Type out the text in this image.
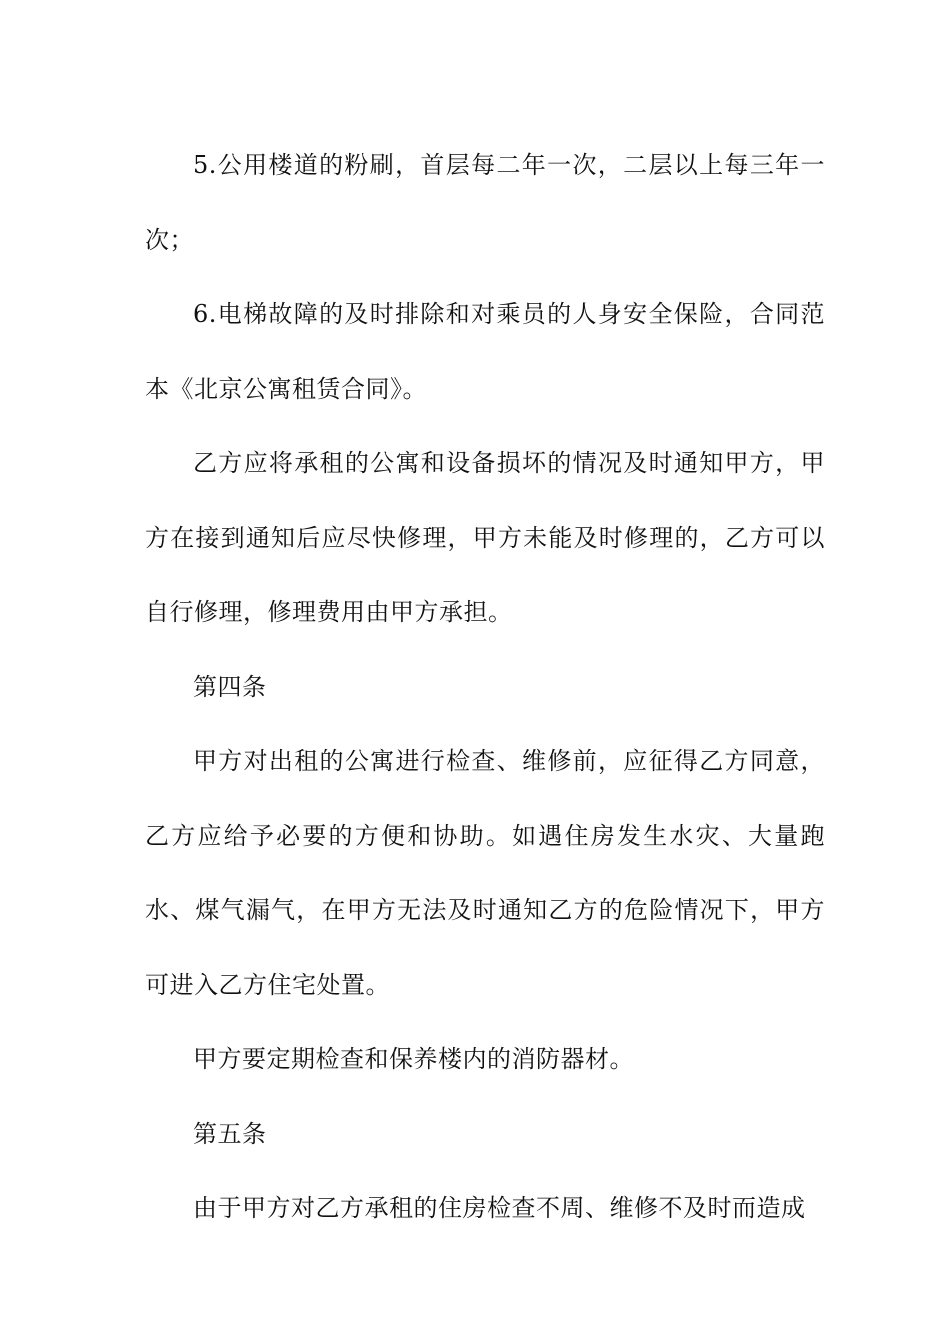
5.公用楼道的粉刷，首层每二年一次，二层以上每三年一次；

6.电梯故障的及时排除和对乘员的人身安全保险，合同范本《北京公寓租赁合同》。

乙方应将承租的公寓和设备损坏的情况及时通知甲方，甲方在接到通知后应尽快修理，甲方未能及时修理的，乙方可以自行修理，修理费用由甲方承担。

第四条

甲方对出租的公寓进行检查、维修前，应征得乙方同意，乙方应给予必要的方便和协助。如遇住房发生水灾、大量跑水、煤气漏气，在甲方无法及时通知乙方的危险情况下，甲方可进入乙方住宅处置。

甲方要定期检查和保养楼内的消防器材。

第五条

由于甲方对乙方承租的住房检查不周、维修不及时而造成
